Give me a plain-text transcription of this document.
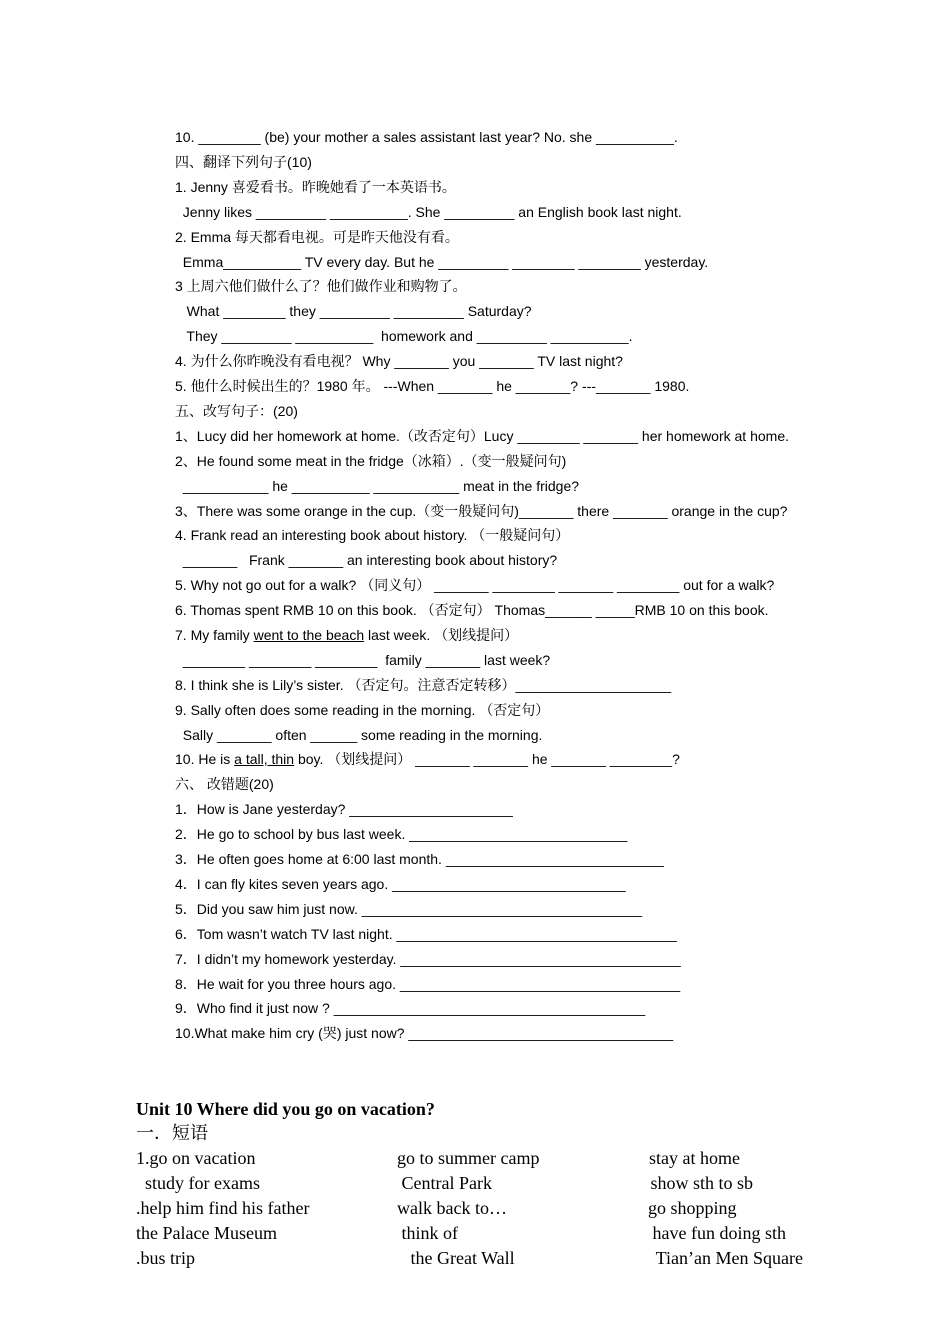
10. ________ (be) your mother a sales assistant last year? No. she __________.
四、翻译下列句子(10)
1. Jenny 喜爱看书。昨晚她看了一本英语书。
Jenny likes _________ __________. She _________ an English book last night.
2. Emma 每天都看电视。可是昨天他没有看。
Emma__________ TV every day. But he _________ ________ ________ yesterday.
3 上周六他们做什么了？他们做作业和购物了。
What ________ they _________ _________ Saturday?
They _________ __________  homework and _________ __________.
4. 为什么你昨晚没有看电视？ Why _______ you _______ TV last night?
5. 他什么时候出生的？1980 年。 ---When _______ he _______? ---_______ 1980.
五、改写句子：(20)
1、Lucy did her homework at home.（改否定句）Lucy ________ _______ her homework at home.
2、He found some meat in the fridge（冰箱）.（变一般疑问句)
___________ he __________ ___________ meat in the fridge?
3、There was some orange in the cup.（变一般疑问句)_______ there _______ orange in the cup?
4. Frank read an interesting book about history. （一般疑问句）
_______   Frank _______ an interesting book about history?
5. Why not go out for a walk? （同义句） _______ ________ _______ ________ out for a walk?
6. Thomas spent RMB 10 on this book. （否定句） Thomas______ _____RMB 10 on this book.
7. My family went to the beach last week. （划线提问）
________ ________ ________  family _______ last week?
8. I think she is Lily’s sister. （否定句。注意否定转移）____________________
9. Sally often does some reading in the morning. （否定句）
Sally _______ often ______ some reading in the morning.
10. He is a tall, thin boy. （划线提问） _______ _______ he _______ ________?
六、 改错题(20)
1．How is Jane yesterday? _____________________
2．He go to school by bus last week. ____________________________
3．He often goes home at 6:00 last month. ____________________________
4．I can fly kites seven years ago. ______________________________
5．Did you saw him just now. ____________________________________
6．Tom wasn’t watch TV last night. ____________________________________
7．I didn’t my homework yesterday. ____________________________________
8．He wait for you three hours ago. ____________________________________
9．Who find it just now ? ________________________________________
10.What make him cry (哭) just now? __________________________________
Unit 10 Where did you go on vacation?
一．短语
1.go on vacation	go to summer camp	stay at home
study for exams	Central Park	show sth to sb
.help him find his father	walk back to…	go shopping
the Palace Museum	think of	have fun doing sth
.bus trip	the Great Wall	Tian’an Men Square
